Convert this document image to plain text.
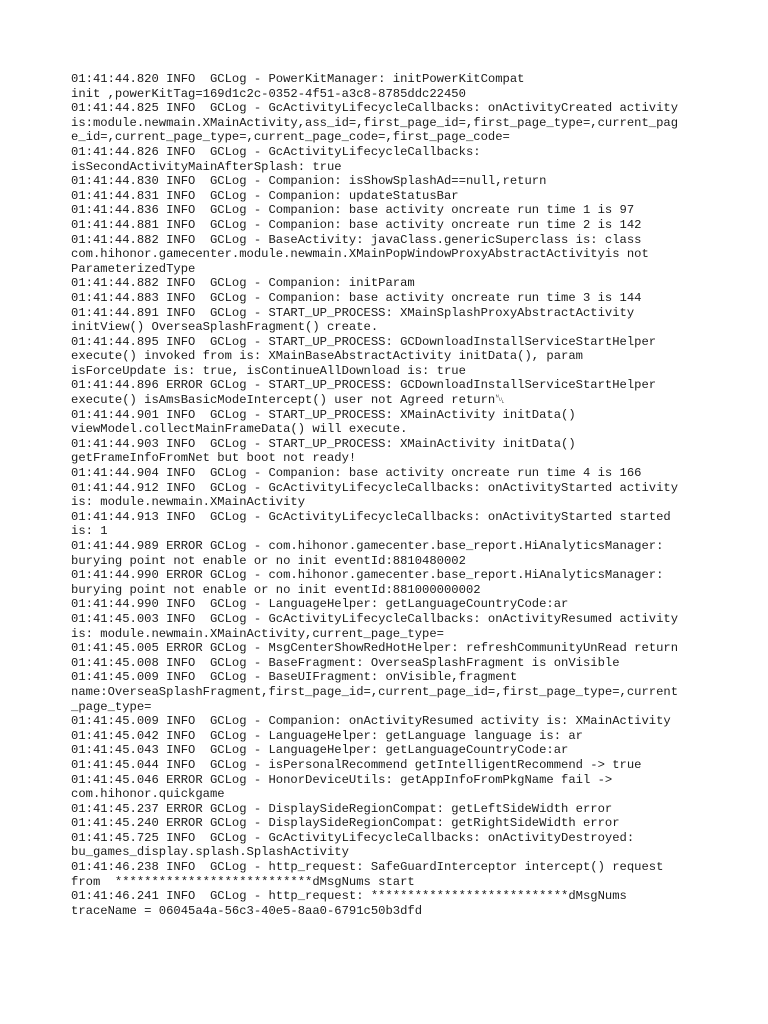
01:41:44.820 INFO  GCLog - PowerKitManager: initPowerKitCompat
init ,powerKitTag=169d1c2c-0352-4f51-a3c8-8785ddc22450
01:41:44.825 INFO  GCLog - GcActivityLifecycleCallbacks: onActivityCreated activity
is:module.newmain.XMainActivity,ass_id=,first_page_id=,first_page_type=,current_pag
e_id=,current_page_type=,current_page_code=,first_page_code=
01:41:44.826 INFO  GCLog - GcActivityLifecycleCallbacks:
isSecondActivityMainAfterSplash: true
01:41:44.830 INFO  GCLog - Companion: isShowSplashAd==null,return
01:41:44.831 INFO  GCLog - Companion: updateStatusBar
01:41:44.836 INFO  GCLog - Companion: base activity oncreate run time 1 is 97
01:41:44.881 INFO  GCLog - Companion: base activity oncreate run time 2 is 142
01:41:44.882 INFO  GCLog - BaseActivity: javaClass.genericSuperclass is: class
com.hihonor.gamecenter.module.newmain.XMainPopWindowProxyAbstractActivityis not
ParameterizedType
01:41:44.882 INFO  GCLog - Companion: initParam
01:41:44.883 INFO  GCLog - Companion: base activity oncreate run time 3 is 144
01:41:44.891 INFO  GCLog - START_UP_PROCESS: XMainSplashProxyAbstractActivity
initView() OverseaSplashFragment() create.
01:41:44.895 INFO  GCLog - START_UP_PROCESS: GCDownloadInstallServiceStartHelper
execute() invoked from is: XMainBaseAbstractActivity initData(), param
isForceUpdate is: true, isContinueAllDownload is: true
01:41:44.896 ERROR GCLog - START_UP_PROCESS: GCDownloadInstallServiceStartHelper
execute() isAmsBasicModeIntercept() user not Agreed return␀
01:41:44.901 INFO  GCLog - START_UP_PROCESS: XMainActivity initData()
viewModel.collectMainFrameData() will execute.
01:41:44.903 INFO  GCLog - START_UP_PROCESS: XMainActivity initData()
getFrameInfoFromNet but boot not ready!
01:41:44.904 INFO  GCLog - Companion: base activity oncreate run time 4 is 166
01:41:44.912 INFO  GCLog - GcActivityLifecycleCallbacks: onActivityStarted activity
is: module.newmain.XMainActivity
01:41:44.913 INFO  GCLog - GcActivityLifecycleCallbacks: onActivityStarted started
is: 1
01:41:44.989 ERROR GCLog - com.hihonor.gamecenter.base_report.HiAnalyticsManager:
burying point not enable or no init eventId:8810480002
01:41:44.990 ERROR GCLog - com.hihonor.gamecenter.base_report.HiAnalyticsManager:
burying point not enable or no init eventId:881000000002
01:41:44.990 INFO  GCLog - LanguageHelper: getLanguageCountryCode:ar
01:41:45.003 INFO  GCLog - GcActivityLifecycleCallbacks: onActivityResumed activity
is: module.newmain.XMainActivity,current_page_type=
01:41:45.005 ERROR GCLog - MsgCenterShowRedHotHelper: refreshCommunityUnRead return
01:41:45.008 INFO  GCLog - BaseFragment: OverseaSplashFragment is onVisible
01:41:45.009 INFO  GCLog - BaseUIFragment: onVisible,fragment
name:OverseaSplashFragment,first_page_id=,current_page_id=,first_page_type=,current
_page_type=
01:41:45.009 INFO  GCLog - Companion: onActivityResumed activity is: XMainActivity
01:41:45.042 INFO  GCLog - LanguageHelper: getLanguage language is: ar
01:41:45.043 INFO  GCLog - LanguageHelper: getLanguageCountryCode:ar
01:41:45.044 INFO  GCLog - isPersonalRecommend getIntelligentRecommend -> true
01:41:45.046 ERROR GCLog - HonorDeviceUtils: getAppInfoFromPkgName fail ->
com.hihonor.quickgame
01:41:45.237 ERROR GCLog - DisplaySideRegionCompat: getLeftSideWidth error
01:41:45.240 ERROR GCLog - DisplaySideRegionCompat: getRightSideWidth error
01:41:45.725 INFO  GCLog - GcActivityLifecycleCallbacks: onActivityDestroyed:
bu_games_display.splash.SplashActivity
01:41:46.238 INFO  GCLog - http_request: SafeGuardInterceptor intercept() request
from  ***************************dMsgNums start
01:41:46.241 INFO  GCLog - http_request: ***************************dMsgNums
traceName = 06045a4a-56c3-40e5-8aa0-6791c50b3dfd
